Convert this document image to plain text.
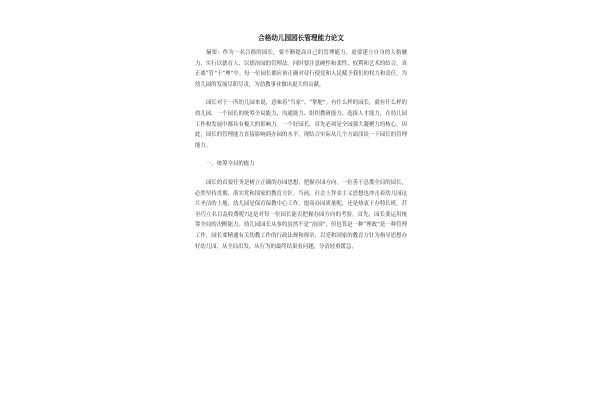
合格幼儿园园长管理能力论文

摘要：作为一名合格的园长，要不断提高自己的管理能力，更要建立自身的人格魅力，实行以德育人、以德治园的管理法。同时要注意硬性和柔性、权利和艺术的结合，真正离“管”于“理”中。每一位园长都应该正确对待行使党和人民赋予我们的权力和责任，为幼儿园的发展尽职尽责，为幼教事业做出更大的贡献。

园长对于一所幼儿园来说，意味着“当家”、“掌舵”。有什么样的园长，就有什么样的幼儿园。一个园长的统筹全局能力、沟通能力、组织教研能力、选拔人才能力，在幼儿园工作和发展中都具有极大的影响力。一个好园长，首先必须是全园强大凝聚力的核心。因此，园长的管理能力直接影响到办园的水平。现结合实际从几个方面浅谈一下园长的管理能力。

一、统筹全局的能力

园长的首要任务是树立正确的办园思想，把握办园方向。一位善于总揽全局的园长，必然坚持贯彻、落实党和国家的教育方针。当前，社会上拜金主义思想也冲击着幼儿园这片圣洁的土地，幼儿园是保育保教中心工作，提高办园质量呢，还是热衷于办特长班，甚至巧立名目乱收费呢?这是对每一位园长能否把握办园方向的考验。首先，园长要运用统筹全局的决断能力。幼儿园园长从事的虽然不是“治国”，但也算是一种“理政”是一种管理工作，园长要精通有关幼教工作的行政法规和规章，以党和国家的教育方针为指导思想办好幼儿园，从全局出发，从行为的最终结果看问题，分清轻重缓急，
